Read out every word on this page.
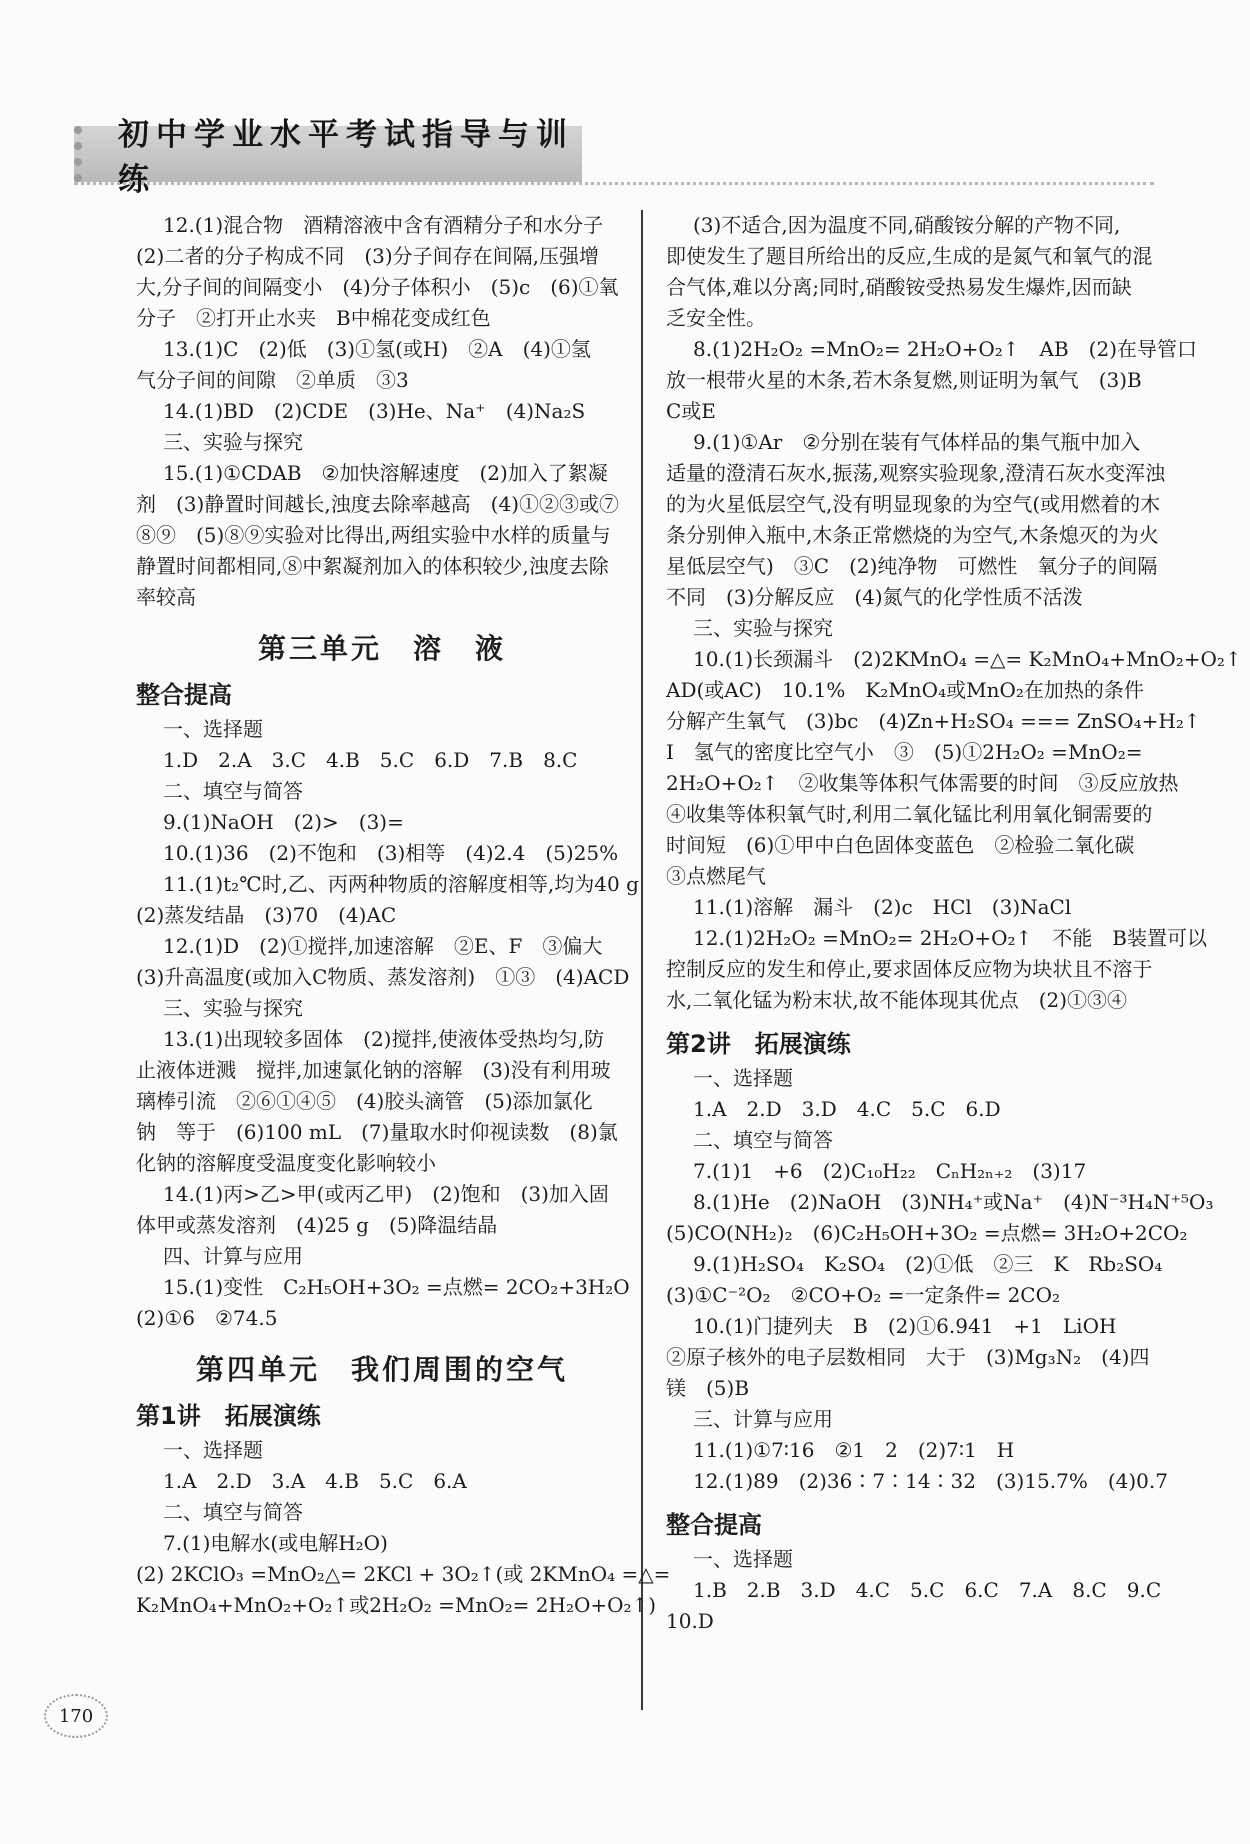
初中学业水平考试指导与训练
12.(1)混合物　酒精溶液中含有酒精分子和水分子
(2)二者的分子构成不同　(3)分子间存在间隔,压强增
大,分子间的间隔变小　(4)分子体积小　(5)c　(6)①氧
分子　②打开止水夹　B中棉花变成红色
13.(1)C　(2)低　(3)①氢(或H)　②A　(4)①氢
气分子间的间隙　②单质　③3
14.(1)BD　(2)CDE　(3)He、Na⁺　(4)Na₂S
三、实验与探究
15.(1)①CDAB　②加快溶解速度　(2)加入了絮凝
剂　(3)静置时间越长,浊度去除率越高　(4)①②③或⑦
⑧⑨　(5)⑧⑨实验对比得出,两组实验中水样的质量与
静置时间都相同,⑧中絮凝剂加入的体积较少,浊度去除
率较高
第三单元　溶　液
整合提高
一、选择题
1.D　2.A　3.C　4.B　5.C　6.D　7.B　8.C
二、填空与简答
9.(1)NaOH　(2)>　(3)=
10.(1)36　(2)不饱和　(3)相等　(4)2.4　(5)25%
11.(1)t₂℃时,乙、丙两种物质的溶解度相等,均为40 g
(2)蒸发结晶　(3)70　(4)AC
12.(1)D　(2)①搅拌,加速溶解　②E、F　③偏大
(3)升高温度(或加入C物质、蒸发溶剂)　①③　(4)ACD
三、实验与探究
13.(1)出现较多固体　(2)搅拌,使液体受热均匀,防
止液体迸溅　搅拌,加速氯化钠的溶解　(3)没有利用玻
璃棒引流　②⑥①④⑤　(4)胶头滴管　(5)添加氯化
钠　等于　(6)100 mL　(7)量取水时仰视读数　(8)氯
化钠的溶解度受温度变化影响较小
14.(1)丙>乙>甲(或丙乙甲)　(2)饱和　(3)加入固
体甲或蒸发溶剂　(4)25 g　(5)降温结晶
四、计算与应用
15.(1)变性　C₂H₅OH+3O₂ =点燃= 2CO₂+3H₂O
(2)①6　②74.5
第四单元　我们周围的空气
第1讲　拓展演练
一、选择题
1.A　2.D　3.A　4.B　5.C　6.A
二、填空与简答
7.(1)电解水(或电解H₂O)
(2) 2KClO₃ =MnO₂△= 2KCl + 3O₂↑(或 2KMnO₄ =△=
K₂MnO₄+MnO₂+O₂↑或2H₂O₂ =MnO₂= 2H₂O+O₂↑)
(3)不适合,因为温度不同,硝酸铵分解的产物不同,
即使发生了题目所给出的反应,生成的是氮气和氧气的混
合气体,难以分离;同时,硝酸铵受热易发生爆炸,因而缺
乏安全性。
8.(1)2H₂O₂ =MnO₂= 2H₂O+O₂↑　AB　(2)在导管口
放一根带火星的木条,若木条复燃,则证明为氧气　(3)B
C或E
9.(1)①Ar　②分别在装有气体样品的集气瓶中加入
适量的澄清石灰水,振荡,观察实验现象,澄清石灰水变浑浊
的为火星低层空气,没有明显现象的为空气(或用燃着的木
条分别伸入瓶中,木条正常燃烧的为空气,木条熄灭的为火
星低层空气)　③C　(2)纯净物　可燃性　氧分子的间隔
不同　(3)分解反应　(4)氮气的化学性质不活泼
三、实验与探究
10.(1)长颈漏斗　(2)2KMnO₄ =△= K₂MnO₄+MnO₂+O₂↑
AD(或AC)　10.1%　K₂MnO₄或MnO₂在加热的条件
分解产生氧气　(3)bc　(4)Zn+H₂SO₄ === ZnSO₄+H₂↑
I　氢气的密度比空气小　③　(5)①2H₂O₂ =MnO₂=
2H₂O+O₂↑　②收集等体积气体需要的时间　③反应放热
④收集等体积氧气时,利用二氧化锰比利用氧化铜需要的
时间短　(6)①甲中白色固体变蓝色　②检验二氧化碳
③点燃尾气
11.(1)溶解　漏斗　(2)c　HCl　(3)NaCl
12.(1)2H₂O₂ =MnO₂= 2H₂O+O₂↑　不能　B装置可以
控制反应的发生和停止,要求固体反应物为块状且不溶于
水,二氧化锰为粉末状,故不能体现其优点　(2)①③④
第2讲　拓展演练
一、选择题
1.A　2.D　3.D　4.C　5.C　6.D
二、填空与简答
7.(1)1　+6　(2)C₁₀H₂₂　CₙH₂ₙ₊₂　(3)17
8.(1)He　(2)NaOH　(3)NH₄⁺或Na⁺　(4)N⁻³H₄N⁺⁵O₃
(5)CO(NH₂)₂　(6)C₂H₅OH+3O₂ =点燃= 3H₂O+2CO₂
9.(1)H₂SO₄　K₂SO₄　(2)①低　②三　K　Rb₂SO₄
(3)①C⁻²O₂　②CO+O₂ =一定条件= 2CO₂
10.(1)门捷列夫　B　(2)①6.941　+1　LiOH
②原子核外的电子层数相同　大于　(3)Mg₃N₂　(4)四
镁　(5)B
三、计算与应用
11.(1)①7∶16　②1　2　(2)7∶1　H
12.(1)89　(2)36∶7∶14∶32　(3)15.7%　(4)0.7
整合提高
一、选择题
1.B　2.B　3.D　4.C　5.C　6.C　7.A　8.C　9.C
10.D
170
